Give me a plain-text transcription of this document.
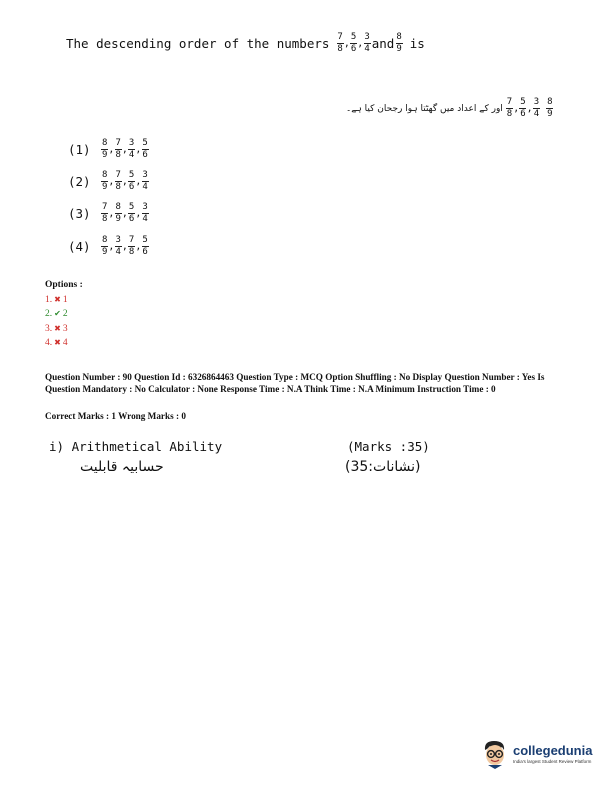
The descending order of the numbers $\frac{7}{8}$ , $\frac{5}{6}$ , $\frac{3}{4}$ and $\frac{8}{9}$ is
اور کے اعداد میں گھٹتا ہوا رجحان کیا ہے۔ $\frac{7}{8}$ , $\frac{5}{6}$ , $\frac{3}{4} \frac{8}{9}$
(1)	$\frac{8}{9}$ , $\frac{7}{8}$ , $\frac{3}{4}$ , $\frac{5}{6}$
(2)	$\frac{8}{9}$ , $\frac{7}{8}$ , $\frac{5}{6}$ , $\frac{3}{4}$
(3)	$\frac{7}{8}$ , $\frac{8}{9}$ , $\frac{5}{6}$ , $\frac{3}{4}$
(4)	$\frac{8}{9}$ , $\frac{3}{4}$ , $\frac{7}{8}$ , $\frac{5}{6}$
Options :
1. ✖ 1
2. ✔ 2
3. ✖ 3
4. ✖ 4
Question Number : 90 Question Id : 6326864463 Question Type : MCQ Option Shuffling : No Display Question Number : Yes Is Question Mandatory : No Calculator : None Response Time : N.A Think Time : N.A Minimum Instruction Time : 0
Correct Marks : 1 Wrong Marks : 0
i) Arithmetical Ability	(Marks :35)
حسابیہ قابلیت	(نشانات:35)
collegedunia
India's largest Student Review Platform
